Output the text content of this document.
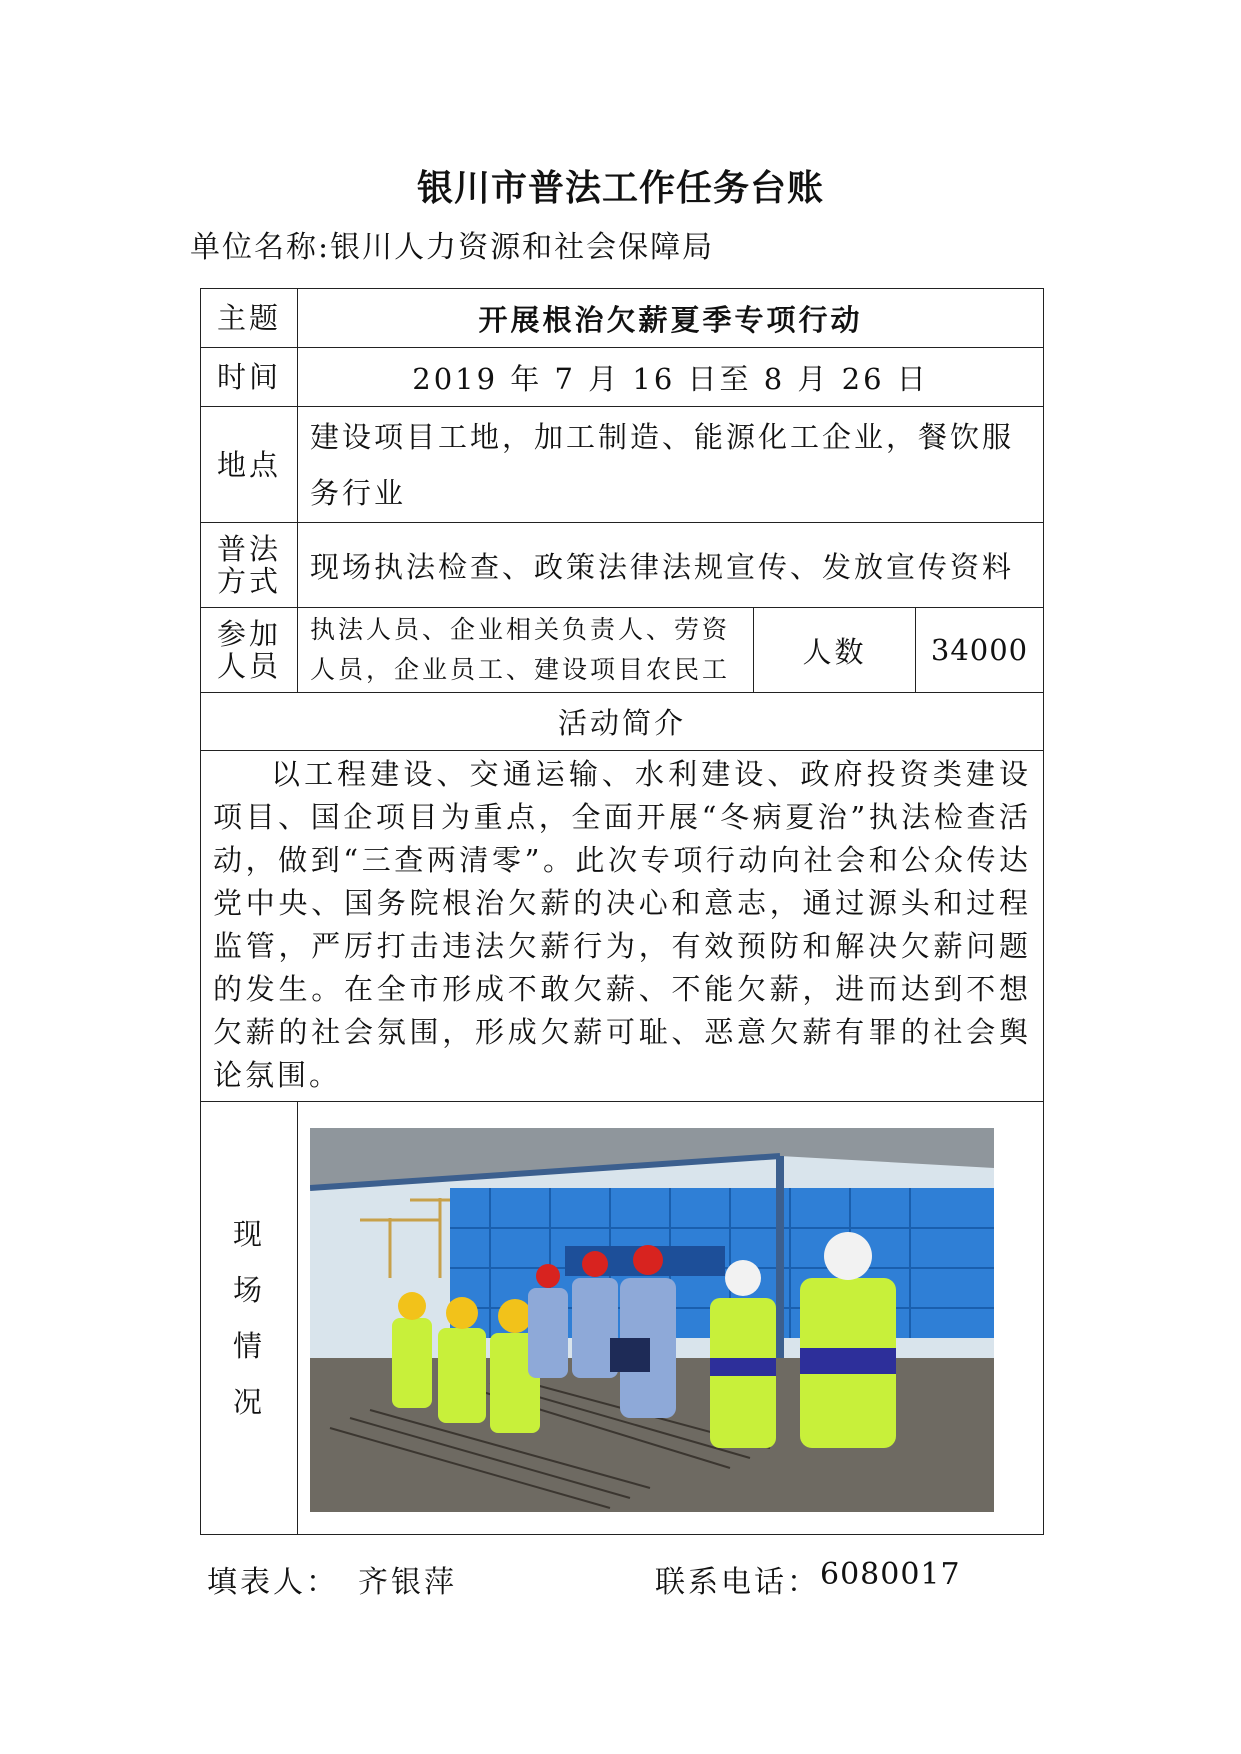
银川市普法工作任务台账
单位名称:银川人力资源和社会保障局
主题	开展根治欠薪夏季专项行动		
时间	2019 年 7 月 16 日至 8 月 26 日		
地点	建设项目工地，加工制造、能源化工企业，餐饮服务行业		
普法方式	现场执法检查、政策法律法规宣传、发放宣传资料		
参加人员	执法人员、企业相关负责人、劳资人员，企业员工、建设项目农民工	人数	34000
活动简介			

以工程建设、交通运输、水利建设、政府投资类建设项目、国企项目为重点，全面开展“冬病夏治”执法检查活动，做到“三查两清零”。此次专项行动向社会和公众传达党中央、国务院根治欠薪的决心和意志，通过源头和过程监管，严厉打击违法欠薪行为，有效预防和解决欠薪问题的发生。在全市形成不敢欠薪、不能欠薪，进而达到不想欠薪的社会氛围，形成欠薪可耻、恶意欠薪有罪的社会舆论氛围。			

现场情况	
填表人： 齐银萍	联系电话： 6080017
